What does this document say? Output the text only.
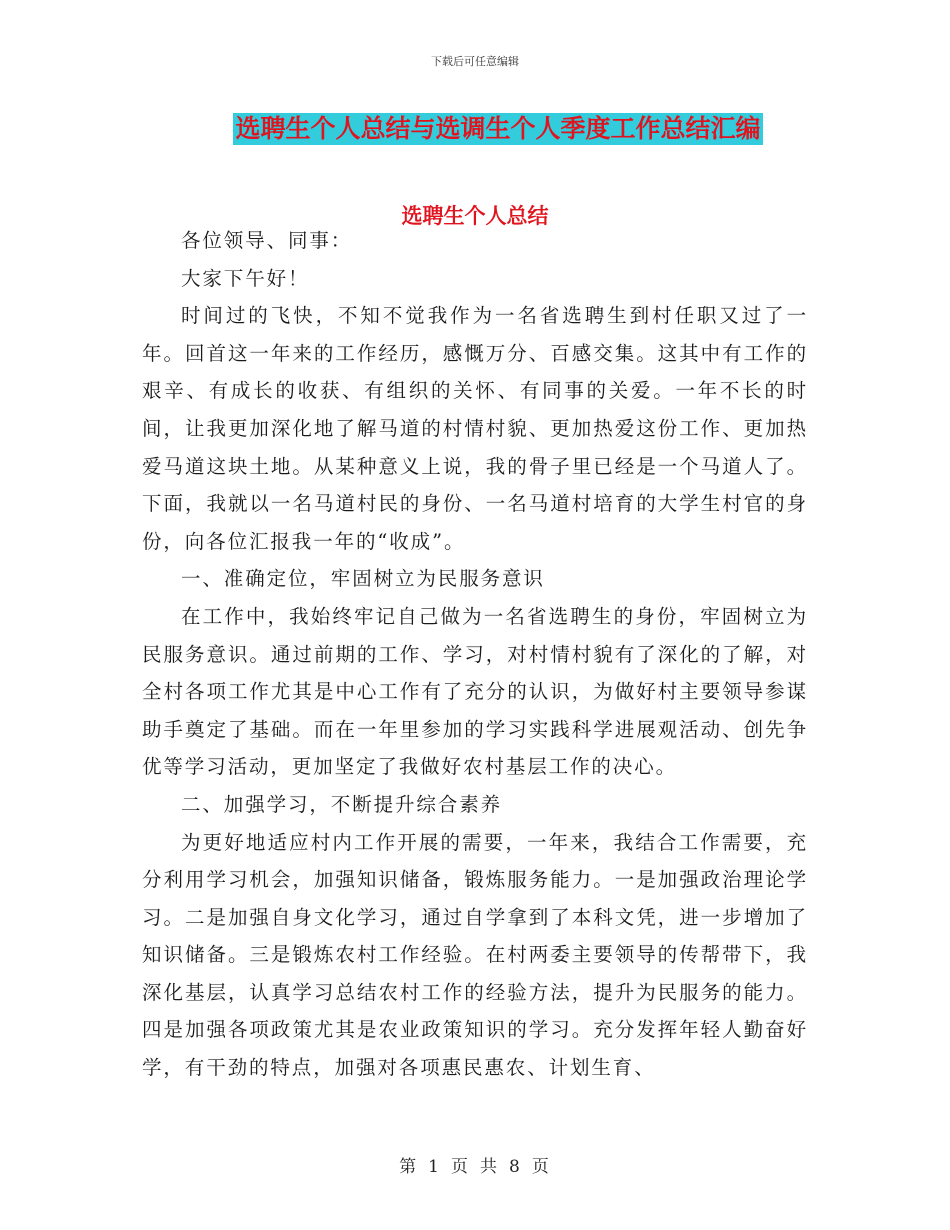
下载后可任意编辑
选聘生个人总结与选调生个人季度工作总结汇编
选聘生个人总结

各位领导、同事：

大家下午好！

时间过的飞快，不知不觉我作为一名省选聘生到村任职又过了一年。回首这一年来的工作经历，感慨万分、百感交集。这其中有工作的艰辛、有成长的收获、有组织的关怀、有同事的关爱。一年不长的时间，让我更加深化地了解马道的村情村貌、更加热爱这份工作、更加热爱马道这块土地。从某种意义上说，我的骨子里已经是一个马道人了。下面，我就以一名马道村民的身份、一名马道村培育的大学生村官的身份，向各位汇报我一年的“收成”。

一、准确定位，牢固树立为民服务意识

在工作中，我始终牢记自己做为一名省选聘生的身份，牢固树立为民服务意识。通过前期的工作、学习，对村情村貌有了深化的了解，对全村各项工作尤其是中心工作有了充分的认识，为做好村主要领导参谋助手奠定了基础。而在一年里参加的学习实践科学进展观活动、创先争优等学习活动，更加坚定了我做好农村基层工作的决心。

二、加强学习，不断提升综合素养

为更好地适应村内工作开展的需要，一年来，我结合工作需要，充分利用学习机会，加强知识储备，锻炼服务能力。一是加强政治理论学习。二是加强自身文化学习，通过自学拿到了本科文凭，进一步增加了知识储备。三是锻炼农村工作经验。在村两委主要领导的传帮带下，我深化基层，认真学习总结农村工作的经验方法，提升为民服务的能力。四是加强各项政策尤其是农业政策知识的学习。充分发挥年轻人勤奋好学，有干劲的特点，加强对各项惠民惠农、计划生育、

第 1 页 共 8 页
